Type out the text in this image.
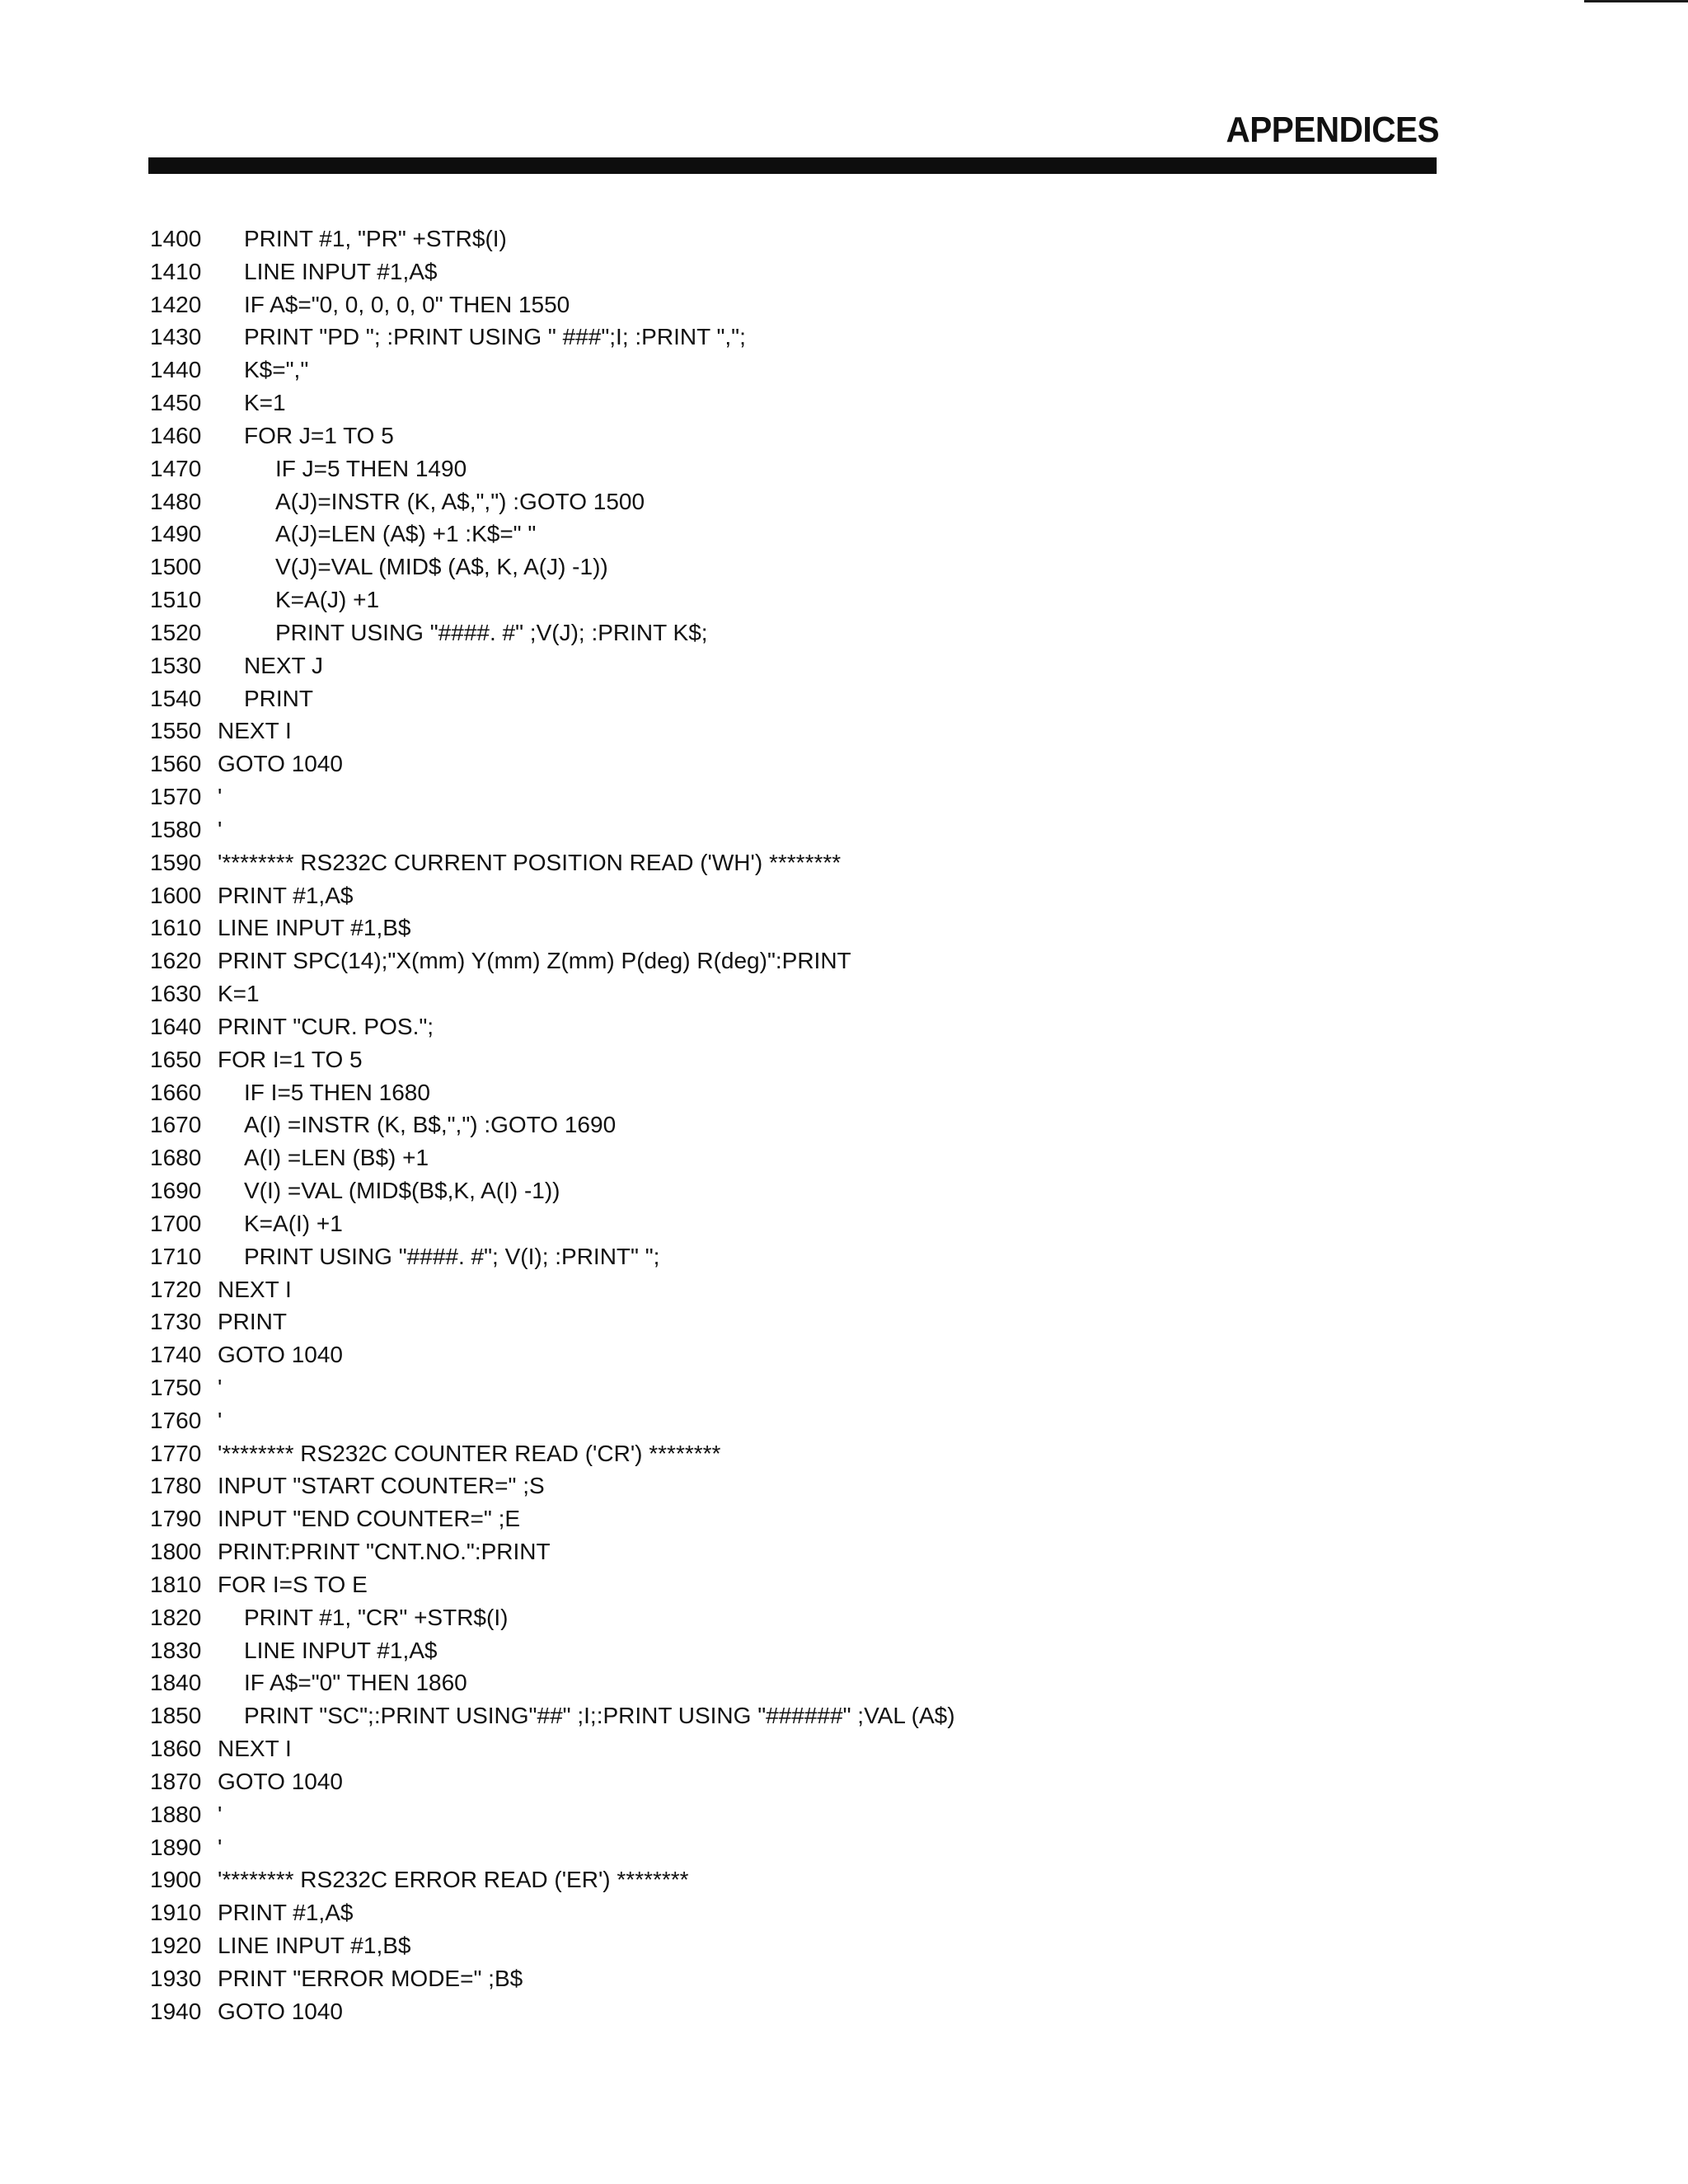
APPENDICES
1400	PRINT #1, "PR" +STR$(I)
1410	LINE INPUT #1,A$
1420	IF A$="0, 0, 0, 0, 0" THEN 1550
1430	PRINT "PD "; :PRINT USING " ###";I; :PRINT ",";
1440	K$=","
1450	K=1
1460	FOR J=1 TO 5
1470	IF J=5 THEN 1490
1480	A(J)=INSTR (K, A$,",") :GOTO 1500
1490	A(J)=LEN (A$) +1 :K$=" "
1500	V(J)=VAL (MID$ (A$, K, A(J) -1))
1510	K=A(J) +1
1520	PRINT USING "####. #" ;V(J); :PRINT K$;
1530	NEXT J
1540	PRINT
1550 NEXT I
1560 GOTO 1040
1570 '
1580 '
1590 '******** RS232C CURRENT POSITION READ ('WH') ********
1600 PRINT #1,A$
1610 LINE INPUT #1,B$
1620 PRINT SPC(14);"X(mm) Y(mm) Z(mm) P(deg) R(deg)":PRINT
1630 K=1
1640 PRINT "CUR. POS.";
1650 FOR I=1 TO 5
1660	IF I=5 THEN 1680
1670	A(I) =INSTR (K, B$,",") :GOTO 1690
1680	A(I) =LEN (B$) +1
1690	V(I) =VAL (MID$(B$,K, A(I) -1))
1700	K=A(I) +1
1710	PRINT USING "####. #"; V(I); :PRINT" ";
1720 NEXT I
1730 PRINT
1740 GOTO 1040
1750 '
1760 '
1770 '******** RS232C COUNTER READ ('CR') ********
1780 INPUT "START COUNTER=" ;S
1790 INPUT "END COUNTER=" ;E
1800 PRINT:PRINT "CNT.NO.":PRINT
1810 FOR I=S TO E
1820	PRINT #1, "CR" +STR$(I)
1830	LINE INPUT #1,A$
1840	IF A$="0" THEN 1860
1850	PRINT "SC";:PRINT USING"##" ;I;:PRINT USING "######" ;VAL (A$)
1860 NEXT I
1870 GOTO 1040
1880 '
1890 '
1900 '******** RS232C ERROR READ ('ER') ********
1910 PRINT #1,A$
1920 LINE INPUT #1,B$
1930 PRINT "ERROR MODE=" ;B$
1940 GOTO 1040
